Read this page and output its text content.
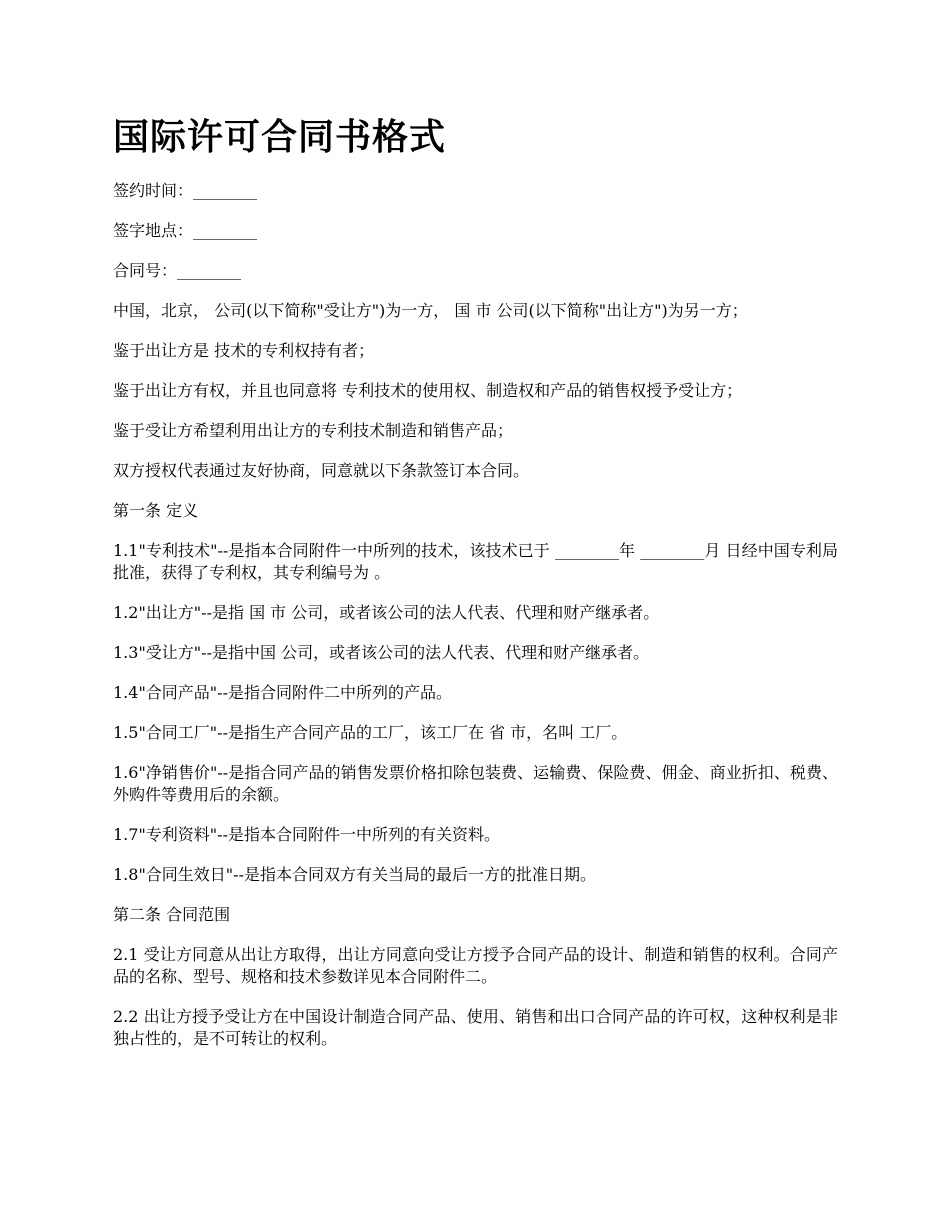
国际许可合同书格式

签约时间：________

签字地点：________

合同号：________

中国，北京， 公司(以下简称"受让方")为一方， 国 市 公司(以下简称"出让方")为另一方；

鉴于出让方是 技术的专利权持有者；

鉴于出让方有权，并且也同意将 专利技术的使用权、制造权和产品的销售权授予受让方；

鉴于受让方希望利用出让方的专利技术制造和销售产品；

双方授权代表通过友好协商，同意就以下条款签订本合同。

第一条 定义

1.1"专利技术"--是指本合同附件一中所列的技术，该技术已于 ________年 ________月 日经中国专利局批准，获得了专利权，其专利编号为 。

1.2"出让方"--是指 国 市 公司，或者该公司的法人代表、代理和财产继承者。

1.3"受让方"--是指中国 公司，或者该公司的法人代表、代理和财产继承者。

1.4"合同产品"--是指合同附件二中所列的产品。

1.5"合同工厂"--是指生产合同产品的工厂，该工厂在 省 市，名叫 工厂。

1.6"净销售价"--是指合同产品的销售发票价格扣除包装费、运输费、保险费、佣金、商业折扣、税费、外购件等费用后的余额。

1.7"专利资料"--是指本合同附件一中所列的有关资料。

1.8"合同生效日"--是指本合同双方有关当局的最后一方的批准日期。

第二条 合同范围

2.1 受让方同意从出让方取得，出让方同意向受让方授予合同产品的设计、制造和销售的权利。合同产品的名称、型号、规格和技术参数详见本合同附件二。

2.2 出让方授予受让方在中国设计制造合同产品、使用、销售和出口合同产品的许可权，这种权利是非独占性的，是不可转让的权利。
